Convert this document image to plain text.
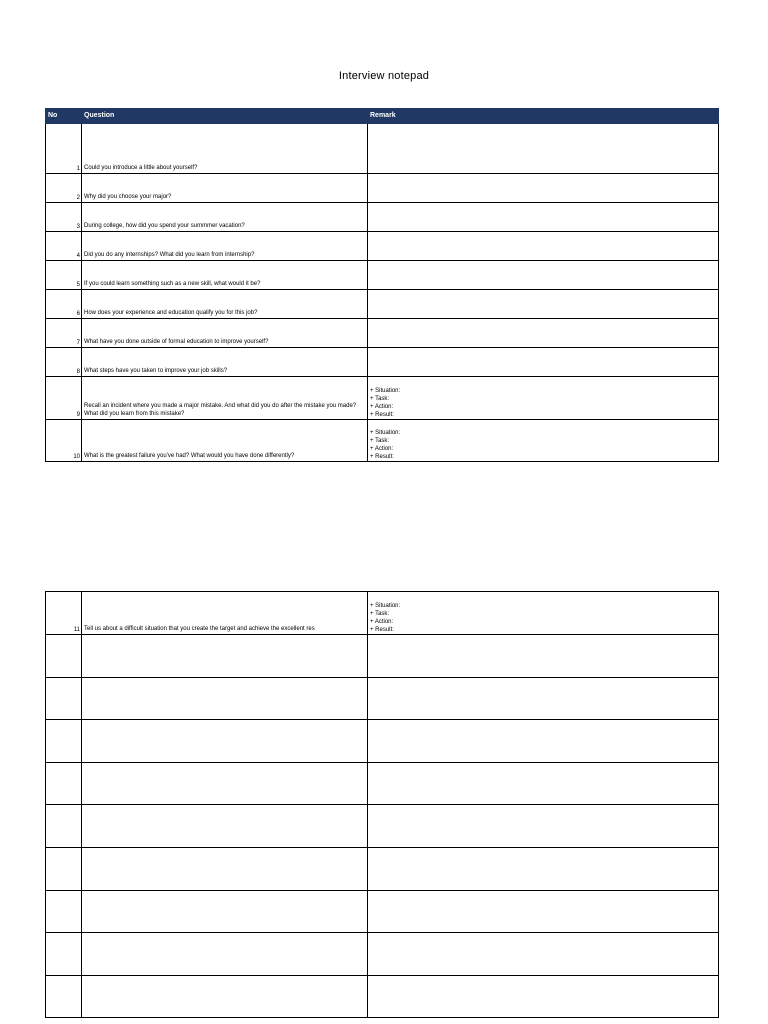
Interview notepad
No	Question	Remark
1	Could you introduce a little about yourself?	
2	Why did you choose your major?	
3	During college, how did you spend your summmer vacation?	
4	Did you do any internships? What did you learn from internship?	
5	If you could learn something such as a new skill, what would it be?	
6	How does your experience and education qualify you for this job?	
7	What have you done outside of formal education to improve yourself?	
8	What steps have you taken to improve your job skills?	
9	Recall an incident where you made a major mistake. And what did you do after the mistake you made? What did you learn from this mistake?	+ Situation:
+ Task:
+ Action:
+ Result:

10	What is the greatest failure you've had? What would you have done differently?	+ Situation:
+ Task:
+ Action:
+ Result:
11	Tell us about a difficult situation that you create the target and achieve the excellent res	+ Situation:
+ Task:
+ Action:
+ Result:
